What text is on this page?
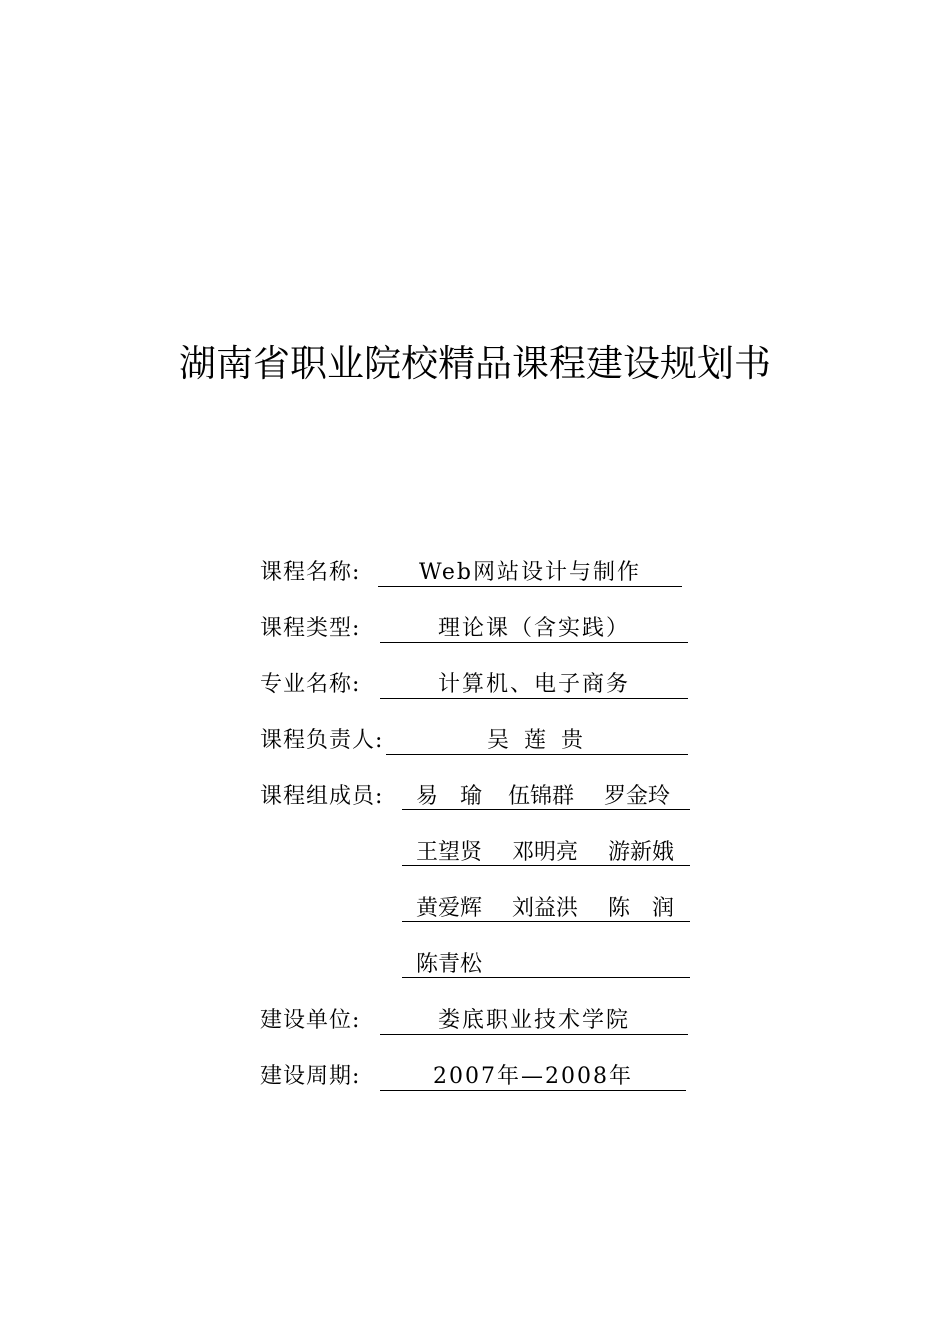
湖南省职业院校精品课程建设规划书
课程名称:	Web网站设计与制作
课程类型:	理论课（含实践）
专业名称:	计算机、电子商务
课程负责人:	吴 莲 贵
课程组成员:	易　瑜 伍锦群 罗金玲
王望贤 邓明亮 游新娥
黄爱辉 刘益洪 陈　润
陈青松
建设单位:	娄底职业技术学院
建设周期:	2007年—2008年
